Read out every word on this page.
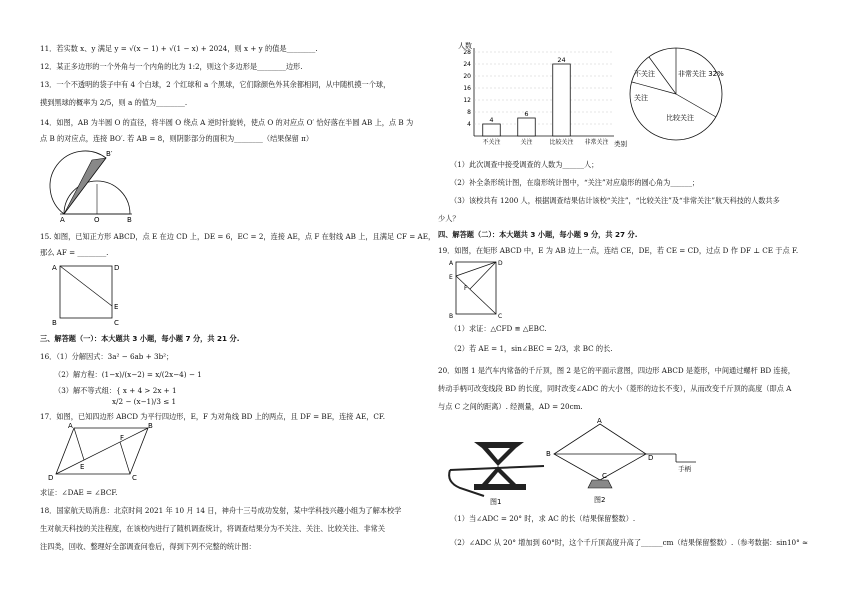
11．若实数 x、y 满足 y = √(x − 1) + √(1 − x) + 2024，则 x + y 的值是________.
12．某正多边形的一个外角与一个内角的比为 1:2，则这个多边形是________边形.
13．一个不透明的袋子中有 4 个白球，2 个红球和 a 个黑球，它们除颜色外其余都相同，从中随机摸一个球，
摸到黑球的概率为 2/5，则 a 的值为________.
14．如图，AB 为半圆 O 的直径，将半圆 O 绕点 A 逆时针旋转，使点 O 的对应点 O′ 恰好落在半圆 AB 上，点 B 为
点 B 的对应点，连接 BO′. 若 AB = 8，则阴影部分的面积为________（结果保留 π）
B′
A	O	B
15. 如图，已知正方形 ABCD，点 E 在边 CD 上，DE = 6，EC = 2，连接 AE，点 F 在射线 AB 上，且满足 CF = AE，
那么 AF = ________.
A	D
E
B	C
三、解答题（一）：本大题共 3 小题，每小题 7 分，共 21 分.
16．（1）分解因式：3a² − 6ab + 3b²；
（2）解方程：(1−x)/(x−2) = x/(2x−4) − 1
（3）解不等式组：{ x + 4 > 2x + 1
x/2 − (x−1)/3 ≤ 1
17．如图，已知四边形 ABCD 为平行四边形，E，F 为对角线 BD 上的两点，且 DF = BE，连接 AE，CF.
A	B
C
D
E
F
求证：∠DAE = ∠BCF.
18．国家航天局消息：北京时间 2021 年 10 月 14 日，神舟十三号成功发射，某中学科技兴趣小组为了解本校学
生对航天科技的关注程度，在该校内进行了随机调查统计，将调查结果分为不关注、关注、比较关注、非常关
注四类，回收、整理好全部调查问卷后，得到下列不完整的统计图：
4
8
12
16
20
24
28
不关注	关注	比较关注 非常关注
4
6
24
人数
类别
不关注	非常关注 32%
关注
比较关注
（1）此次调查中接受调查的人数为______人；
（2）补全条形统计图，在扇形统计图中，“关注”对应扇形的圆心角为______；
（3）该校共有 1200 人，根据调查结果估计该校“关注”，“比较关注”及“非常关注”航天科技的人数共多
少人？
四、解答题（二）：本大题共 3 小题，每小题 9 分，共 27 分.
19．如图，在矩形 ABCD 中，E 为 AB 边上一点，连结 CE，DE，若 CE = CD，过点 D 作 DF ⊥ CE 于点 F.
A	D
E
F
B	C
（1）求证：△CFD ≌ △EBC.
（2）若 AE = 1，sin∠BEC = 2/3，求 BC 的长.
20．如图 1 是汽车内常备的千斤顶，图 2 是它的平面示意图，四边形 ABCD 是菱形，中间通过螺杆 BD 连接，
转动手柄可改变线段 BD 的长度，同时改变∠ADC 的大小（菱形的边长不变），从而改变千斤顶的高度（即点 A
与点 C 之间的距离）. 经测量，AD = 20cm.
图1
A
B
C
D
手柄
图2
（1）当∠ADC = 20° 时，求 AC 的长（结果保留整数）.
（2）∠ADC 从 20° 增加到 60°时，这个千斤顶高度升高了______cm（结果保留整数）.（参考数据：sin10° ≈
